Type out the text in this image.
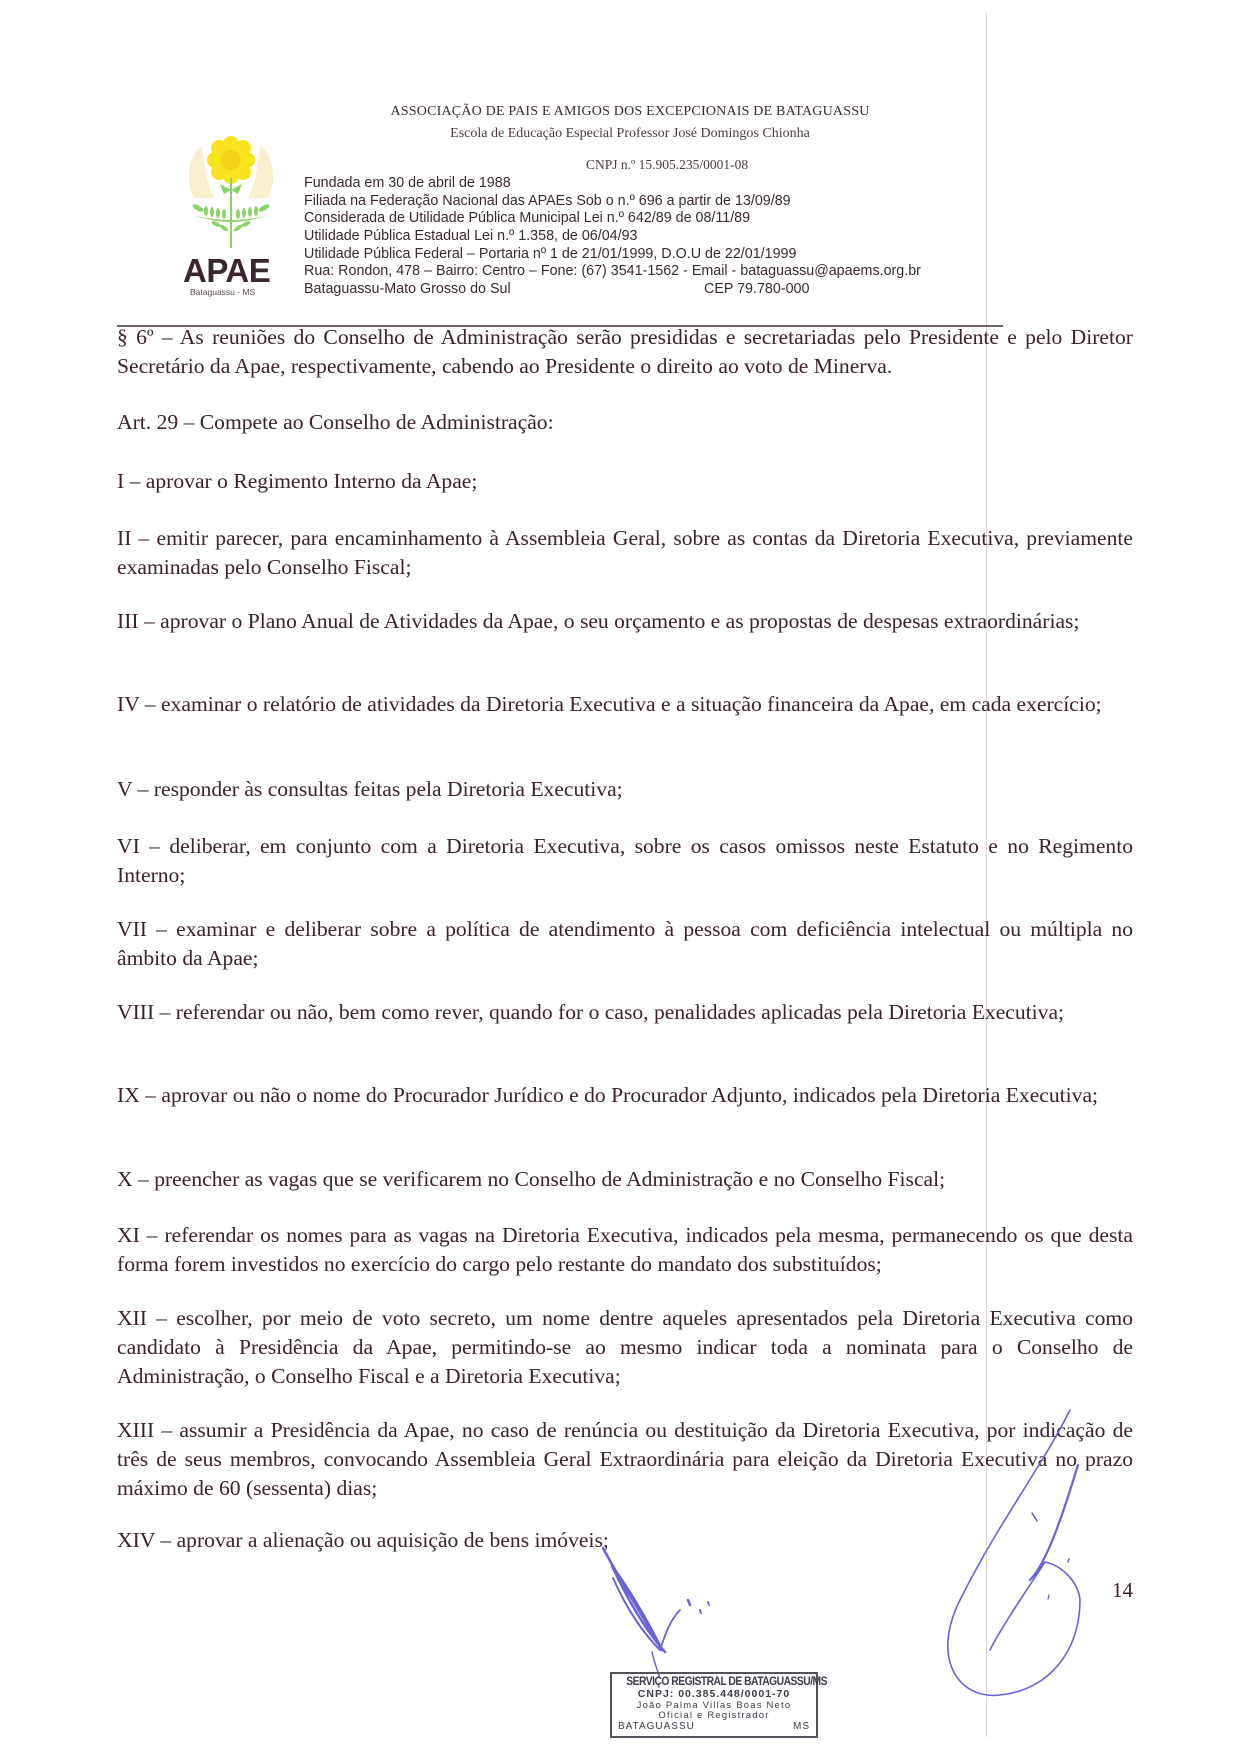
ASSOCIAÇÃO DE PAIS E AMIGOS DOS EXCEPCIONAIS DE BATAGUASSU
Escola de Educação Especial Professor José Domingos Chionha
CNPJ n.º 15.905.235/0001-08
APAE
Bataguassu - MS
Fundada em 30 de abril de 1988
Filiada na Federação Nacional das APAEs Sob o n.º 696 a partir de 13/09/89
Considerada de Utilidade Pública Municipal Lei n.º 642/89 de 08/11/89
Utilidade Pública Estadual Lei n.º 1.358, de 06/04/93
Utilidade Pública Federal – Portaria nº 1 de 21/01/1999, D.O.U de 22/01/1999
Rua: Rondon, 478 – Bairro: Centro – Fone: (67) 3541-1562 - Email - bataguassu@apaems.org.br
Bataguassu-Mato Grosso do Sul	CEP 79.780-000
§ 6º – As reuniões do Conselho de Administração serão presididas e secretariadas pelo Presidente e pelo Diretor Secretário da Apae, respectivamente, cabendo ao Presidente o direito ao voto de Minerva.
Art. 29 – Compete ao Conselho de Administração:
I – aprovar o Regimento Interno da Apae;
II – emitir parecer, para encaminhamento à Assembleia Geral, sobre as contas da Diretoria Executiva, previamente examinadas pelo Conselho Fiscal;
III – aprovar o Plano Anual de Atividades da Apae, o seu orçamento e as propostas de despesas extraordinárias;
IV – examinar o relatório de atividades da Diretoria Executiva e a situação financeira da Apae, em cada exercício;
V – responder às consultas feitas pela Diretoria Executiva;
VI – deliberar, em conjunto com a Diretoria Executiva, sobre os casos omissos neste Estatuto e no Regimento Interno;
VII – examinar e deliberar sobre a política de atendimento à pessoa com deficiência intelectual ou múltipla no âmbito da Apae;
VIII – referendar ou não, bem como rever, quando for o caso, penalidades aplicadas pela Diretoria Executiva;
IX – aprovar ou não o nome do Procurador Jurídico e do Procurador Adjunto, indicados pela Diretoria Executiva;
X – preencher as vagas que se verificarem no Conselho de Administração e no Conselho Fiscal;
XI – referendar os nomes para as vagas na Diretoria Executiva, indicados pela mesma, permanecendo os que desta forma forem investidos no exercício do cargo pelo restante do mandato dos substituídos;
XII – escolher, por meio de voto secreto, um nome dentre aqueles apresentados pela Diretoria Executiva como candidato à Presidência da Apae, permitindo-se ao mesmo indicar toda a nominata para o Conselho de Administração, o Conselho Fiscal e a Diretoria Executiva;
XIII – assumir a Presidência da Apae, no caso de renúncia ou destituição da Diretoria Executiva, por indicação de três de seus membros, convocando Assembleia Geral Extraordinária para eleição da Diretoria Executiva no prazo máximo de 60 (sessenta) dias;
XIV – aprovar a alienação ou aquisição de bens imóveis;
14
SERVIÇO REGISTRAL DE BATAGUASSU/MS
CNPJ: 00.385.448/0001-70
João Palma Villas Boas Neto
Oficial e Registrador
BATAGUASSU	MS
